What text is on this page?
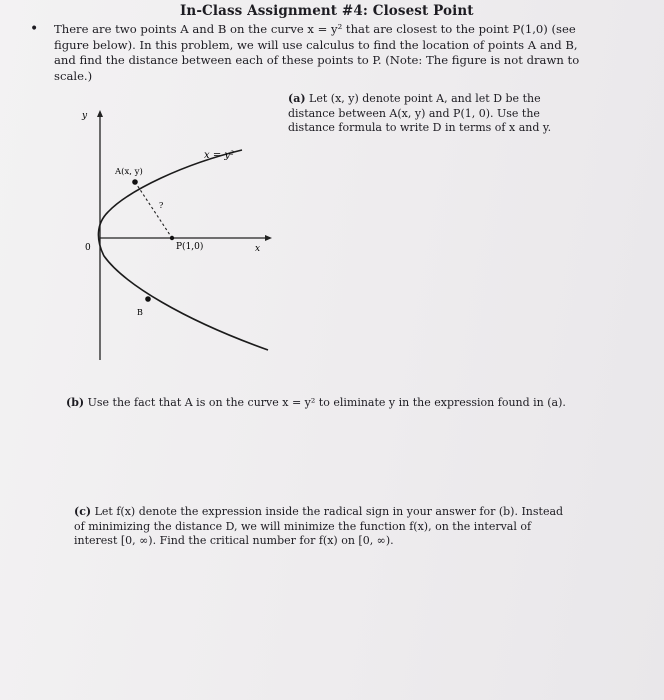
In-Class Assignment #4: Closest Point
• There are two points A and B on the curve x = y² that are closest to the point P(1,0) (see figure below). In this problem, we will use calculus to find the location of points A and B, and find the distance between each of these points to P. (Note: The figure is not drawn to scale.)
y
0	x
x = y²
A(x, y)
B
P(1,0)
?
(a) Let (x, y) denote point A, and let D be the distance between A(x, y) and P(1, 0). Use the distance formula to write D in terms of x and y.
(b) Use the fact that A is on the curve x = y² to eliminate y in the expression found in (a).
(c) Let f(x) denote the expression inside the radical sign in your answer for (b). Instead of minimizing the distance D, we will minimize the function f(x), on the interval of interest [0, ∞). Find the critical number for f(x) on [0, ∞).
